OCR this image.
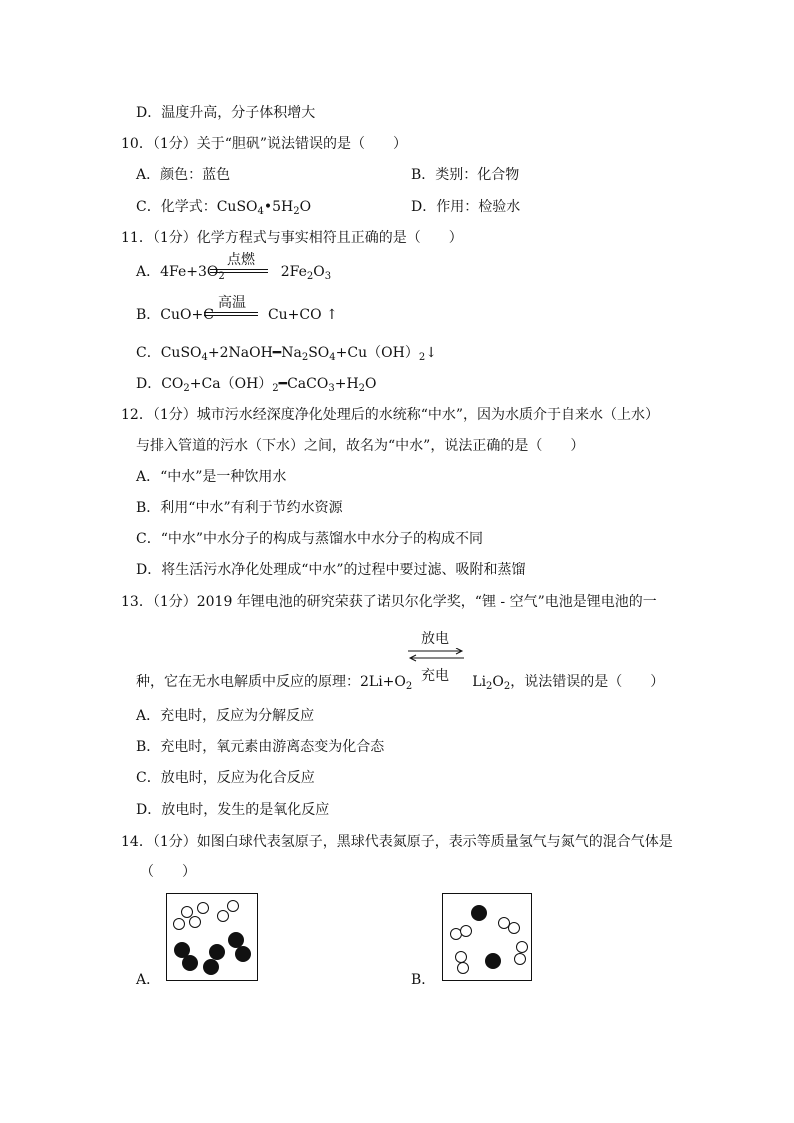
D．温度升高，分子体积增大
10．（1分）关于“胆矾”说法错误的是（　　）
A．颜色：蓝色	B．类别：化合物
C．化学式：$CuSO_4•5H_2O$	D．作用：检验水
11．（1分）化学方程式与事实相符且正确的是（　　）
A．$4Fe+3O_2$	$2Fe_2O_3$
点燃
B．CuO+C	Cu+CO ↑
高温
C．$CuSO_4+2NaOH━Na_2SO_4+Cu(OH)_2↓$
D．$CO_2+Ca(OH)_2━CaCO_3+H_2O$
12．（1分）城市污水经深度净化处理后的水统称“中水”，因为水质介于自来水（上水）
与排入管道的污水（下水）之间，故名为“中水”，说法正确的是（　　）
A．“中水”是一种饮用水
B．利用“中水”有利于节约水资源
C．“中水”中水分子的构成与蒸馏水中水分子的构成不同
D．将生活污水净化处理成“中水”的过程中要过滤、吸附和蒸馏
13．（1分）2019 年锂电池的研究荣获了诺贝尔化学奖，“锂 - 空气”电池是锂电池的一
放电
充电
种，它在无水电解质中反应的原理：$2Li+O_2$	$Li_2O_2$，说法错误的是（　　）
A．充电时，反应为分解反应
B．充电时，氧元素由游离态变为化合态
C．放电时，反应为化合反应
D．放电时，发生的是氧化反应
14．（1分）如图白球代表氢原子，黑球代表氮原子，表示等质量氢气与氮气的混合气体是
（　　）
A．	B．
